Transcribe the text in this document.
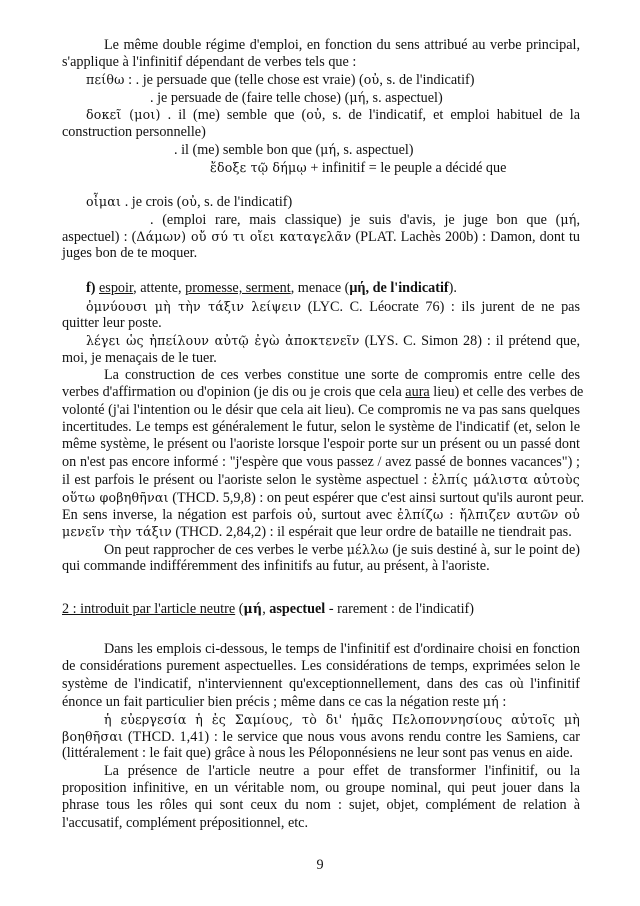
Le même double régime d'emploi, en fonction du sens attribué au verbe principal,
s'applique à l'infinitif dépendant de verbes tels que :
πείθω : . je persuade que (telle chose est vraie) (οὐ, s. de l'indicatif)
. je persuade de (faire telle chose) (μή, s. aspectuel)
δοκεῖ (μοι) . il (me) semble que (οὐ, s. de l'indicatif, et emploi habituel de la
construction personnelle)
. il (me) semble bon que (μή, s. aspectuel)
ἔδοξε τῷ δήμῳ + infinitif = le peuple a décidé que
οἶμαι . je crois (οὐ, s. de l'indicatif)
. (emploi rare, mais classique) je suis d'avis, je juge bon que (μή,
aspectuel) : (Δάμων) οὔ σύ τι οἴει καταγελᾶν (PLAT. Lachès 200b) : Damon, dont tu
juges bon de te moquer.
f) espoir, attente, promesse, serment, menace (μή, de l'indicatif).
ὀμνύουσι μὴ τὴν τάξιν λείψειν (LYC. C. Léocrate 76) : ils jurent de ne pas
quitter leur poste.
λέγει ὡς ἠπείλουν αὐτῷ ἐγὼ ἀποκτενεῖν (LYS. C. Simon 28) : il prétend que,
moi, je menaçais de le tuer.
La construction de ces verbes constitue une sorte de compromis entre celle des
verbes d'affirmation ou d'opinion (je dis ou je crois que cela aura lieu) et celle des verbes de
volonté (j'ai l'intention ou le désir que cela ait lieu). Ce compromis ne va pas sans quelques
incertitudes. Le temps est généralement le futur, selon le système de l'indicatif (et, selon le
même système, le présent ou l'aoriste lorsque l'espoir porte sur un présent ou un passé dont
on n'est pas encore informé : "j'espère que vous passez / avez passé de bonnes vacances") ;
il est parfois le présent ou l'aoriste selon le système aspectuel : ἐλπίς μάλιστα αὐτοὺς
οὕτω φοβηθῆναι (THCD. 5,9,8) : on peut espérer que c'est ainsi surtout qu'ils auront peur.
En sens inverse, la négation est parfois οὐ, surtout avec ἐλπίζω : ἤλπιζεν αυτῶν οὐ
μενεῖν τὴν τάξιν (THCD. 2,84,2) : il espérait que leur ordre de bataille ne tiendrait pas.
On peut rapprocher de ces verbes le verbe μέλλω (je suis destiné à, sur le point de)
qui commande indifféremment des infinitifs au futur, au présent, à l'aoriste.
2 : introduit par l'article neutre (μή, aspectuel - rarement : de l'indicatif)
Dans les emplois ci-dessous, le temps de l'infinitif est d'ordinaire choisi en fonction
de considérations purement aspectuelles. Les considérations de temps, exprimées selon le
système de l'indicatif, n'interviennent qu'exceptionnellement, dans des cas où l'infinitif
énonce un fait particulier bien précis ; même dans ce cas la négation reste μή :
ἡ εὐεργεσία ἡ ἐς Σαμίους, τὸ δι' ἡμᾶς Πελοποννησίους αὐτοῖς μὴ
βοηθῆσαι (THCD. 1,41) : le service que nous vous avons rendu contre les Samiens, car
(littéralement : le fait que) grâce à nous les Péloponnésiens ne leur sont pas venus en aide.
La présence de l'article neutre a pour effet de transformer l'infinitif, ou la
proposition infinitive, en un véritable nom, ou groupe nominal, qui peut jouer dans la
phrase tous les rôles qui sont ceux du nom : sujet, objet, complément de relation à
l'accusatif, complément prépositionnel, etc.
9
